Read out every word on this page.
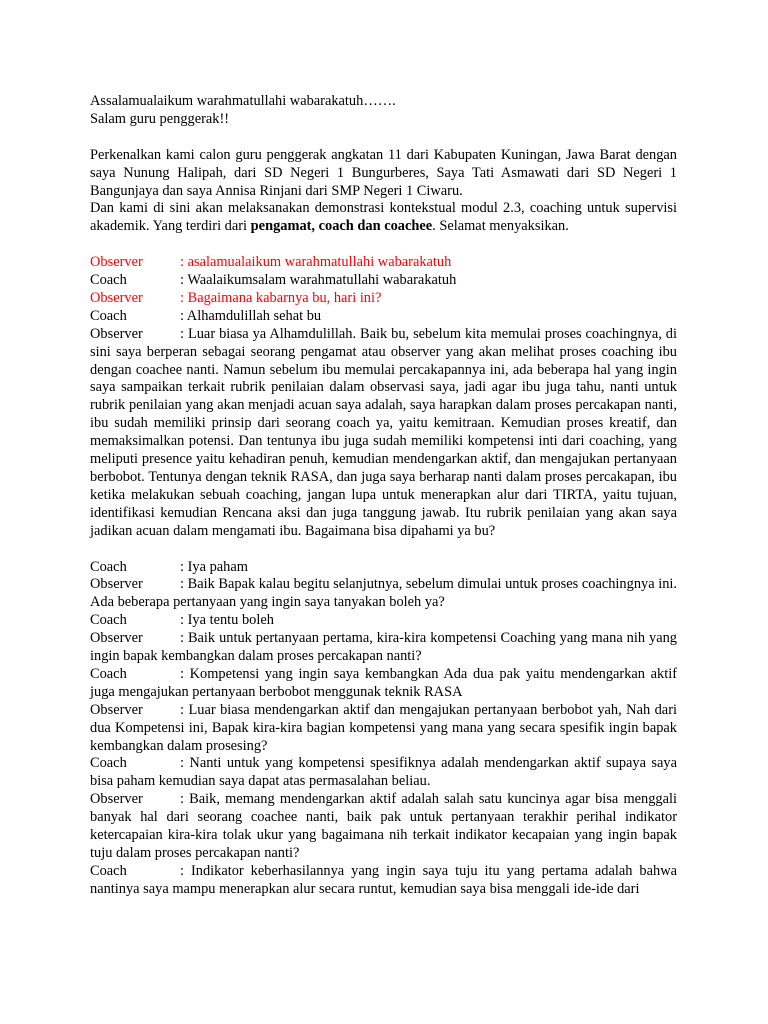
Assalamualaikum warahmatullahi wabarakatuh…….

Salam guru penggerak!!

Perkenalkan kami calon guru penggerak angkatan 11 dari Kabupaten Kuningan, Jawa Barat dengan saya Nunung Halipah, dari SD Negeri 1 Bungurberes, Saya Tati Asmawati dari SD Negeri 1 Bangunjaya dan saya Annisa Rinjani dari SMP Negeri 1 Ciwaru.

Dan kami di sini akan melaksanakan demonstrasi kontekstual modul 2.3, coaching untuk supervisi akademik. Yang terdiri dari pengamat, coach dan coachee. Selamat menyaksikan.

Observer	: asalamualaikum warahmatullahi wabarakatuh

Coach	: Waalaikumsalam warahmatullahi wabarakatuh

Observer	: Bagaimana kabarnya bu, hari ini?

Coach	: Alhamdulillah sehat bu

Observer	: Luar biasa ya Alhamdulillah. Baik bu, sebelum kita memulai proses coachingnya, di sini saya berperan sebagai seorang pengamat atau observer yang akan melihat proses coaching ibu dengan coachee nanti. Namun sebelum ibu memulai percakapannya ini, ada beberapa hal yang ingin saya sampaikan terkait rubrik penilaian dalam observasi saya, jadi agar ibu juga tahu, nanti untuk rubrik penilaian yang akan menjadi acuan saya adalah, saya harapkan dalam proses percakapan nanti, ibu sudah memiliki prinsip dari seorang coach ya, yaitu kemitraan. Kemudian proses kreatif, dan memaksimalkan potensi. Dan tentunya ibu juga sudah memiliki kompetensi inti dari coaching, yang meliputi presence yaitu kehadiran penuh, kemudian mendengarkan aktif, dan mengajukan pertanyaan berbobot. Tentunya dengan teknik RASA, dan juga saya berharap nanti dalam proses percakapan, ibu ketika melakukan sebuah coaching, jangan lupa untuk menerapkan alur dari TIRTA, yaitu tujuan, identifikasi kemudian Rencana aksi dan juga tanggung jawab. Itu rubrik penilaian yang akan saya jadikan acuan dalam mengamati ibu. Bagaimana bisa dipahami ya bu?

Coach	: Iya paham

Observer	: Baik Bapak kalau begitu selanjutnya, sebelum dimulai untuk proses coachingnya ini. Ada beberapa pertanyaan yang ingin saya tanyakan boleh ya?

Coach	: Iya tentu boleh

Observer	: Baik untuk pertanyaan pertama, kira-kira kompetensi Coaching yang mana nih yang ingin bapak kembangkan dalam proses percakapan nanti?

Coach	: Kompetensi yang ingin saya kembangkan Ada dua pak yaitu mendengarkan aktif juga mengajukan pertanyaan berbobot menggunak teknik RASA

Observer	: Luar biasa mendengarkan aktif dan mengajukan pertanyaan berbobot yah, Nah dari dua Kompetensi ini, Bapak kira-kira bagian kompetensi yang mana yang secara spesifik ingin bapak kembangkan dalam prosesing?

Coach	: Nanti untuk yang kompetensi spesifiknya adalah mendengarkan aktif supaya saya bisa paham kemudian saya dapat atas permasalahan beliau.

Observer	: Baik, memang mendengarkan aktif adalah salah satu kuncinya agar bisa menggali banyak hal dari seorang coachee nanti, baik pak untuk pertanyaan terakhir perihal indikator ketercapaian kira-kira tolak ukur yang bagaimana nih terkait indikator kecapaian yang ingin bapak tuju dalam proses percakapan nanti?

Coach	: Indikator keberhasilannya yang ingin saya tuju itu yang pertama adalah bahwa nantinya saya mampu menerapkan alur secara runtut, kemudian saya bisa menggali ide-ide dari
